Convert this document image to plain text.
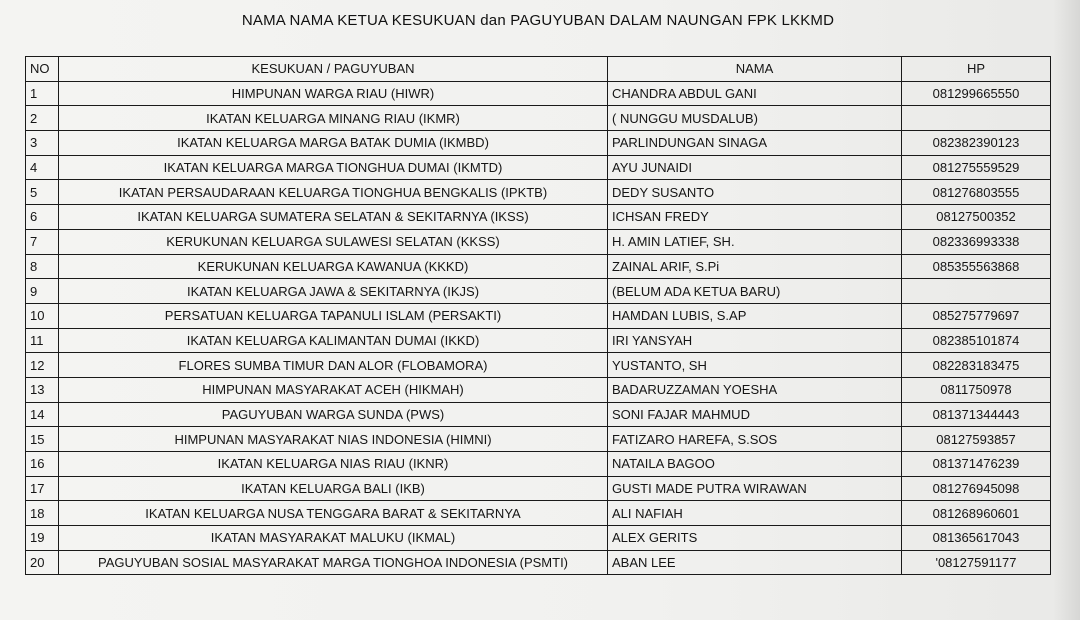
NAMA NAMA KETUA KESUKUAN dan PAGUYUBAN DALAM NAUNGAN FPK LKKMD
NO	KESUKUAN / PAGUYUBAN	NAMA	HP
1	HIMPUNAN WARGA RIAU (HIWR)	CHANDRA ABDUL GANI	081299665550
2	IKATAN KELUARGA MINANG RIAU (IKMR)	( NUNGGU MUSDALUB)	
3	IKATAN KELUARGA MARGA BATAK DUMIA (IKMBD)	PARLINDUNGAN SINAGA	082382390123
4	IKATAN KELUARGA MARGA TIONGHUA DUMAI (IKMTD)	AYU JUNAIDI	081275559529
5	IKATAN PERSAUDARAAN KELUARGA TIONGHUA BENGKALIS (IPKTB)	DEDY SUSANTO	081276803555
6	IKATAN KELUARGA SUMATERA SELATAN & SEKITARNYA (IKSS)	ICHSAN FREDY	08127500352
7	KERUKUNAN KELUARGA SULAWESI SELATAN (KKSS)	H. AMIN LATIEF, SH.	082336993338
8	KERUKUNAN KELUARGA KAWANUA (KKKD)	ZAINAL ARIF, S.Pi	085355563868
9	IKATAN KELUARGA JAWA & SEKITARNYA (IKJS)	(BELUM ADA KETUA BARU)	
10	PERSATUAN KELUARGA TAPANULI ISLAM (PERSAKTI)	HAMDAN LUBIS, S.AP	085275779697
11	IKATAN KELUARGA KALIMANTAN DUMAI (IKKD)	IRI YANSYAH	082385101874
12	FLORES SUMBA TIMUR DAN ALOR (FLOBAMORA)	YUSTANTO, SH	082283183475
13	HIMPUNAN MASYARAKAT ACEH (HIKMAH)	BADARUZZAMAN YOESHA	0811750978
14	PAGUYUBAN WARGA SUNDA (PWS)	SONI FAJAR MAHMUD	081371344443
15	HIMPUNAN MASYARAKAT NIAS INDONESIA (HIMNI)	FATIZARO HAREFA, S.SOS	08127593857
16	IKATAN KELUARGA NIAS RIAU (IKNR)	NATAILA BAGOO	081371476239
17	IKATAN KELUARGA BALI (IKB)	GUSTI MADE PUTRA WIRAWAN	081276945098
18	IKATAN KELUARGA NUSA TENGGARA BARAT & SEKITARNYA	ALI NAFIAH	081268960601
19	IKATAN MASYARAKAT MALUKU (IKMAL)	ALEX GERITS	081365617043
20	PAGUYUBAN SOSIAL MASYARAKAT MARGA TIONGHOA INDONESIA (PSMTI)	ABAN LEE	'08127591177
